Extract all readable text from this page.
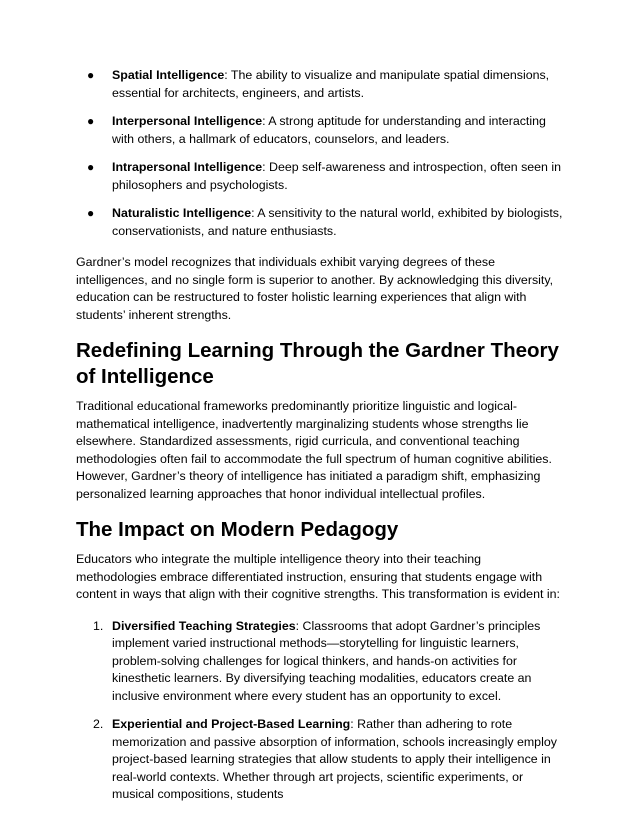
● Spatial Intelligence: The ability to visualize and manipulate spatial dimensions, essential for architects, engineers, and artists.
● Interpersonal Intelligence: A strong aptitude for understanding and interacting with others, a hallmark of educators, counselors, and leaders.
● Intrapersonal Intelligence: Deep self-awareness and introspection, often seen in philosophers and psychologists.
● Naturalistic Intelligence: A sensitivity to the natural world, exhibited by biologists, conservationists, and nature enthusiasts.

Gardner’s model recognizes that individuals exhibit varying degrees of these intelligences, and no single form is superior to another. By acknowledging this diversity, education can be restructured to foster holistic learning experiences that align with students’ inherent strengths.

Redefining Learning Through the Gardner Theory of Intelligence

Traditional educational frameworks predominantly prioritize linguistic and logical-mathematical intelligence, inadvertently marginalizing students whose strengths lie elsewhere. Standardized assessments, rigid curricula, and conventional teaching methodologies often fail to accommodate the full spectrum of human cognitive abilities. However, Gardner’s theory of intelligence has initiated a paradigm shift, emphasizing personalized learning approaches that honor individual intellectual profiles.

The Impact on Modern Pedagogy

Educators who integrate the multiple intelligence theory into their teaching methodologies embrace differentiated instruction, ensuring that students engage with content in ways that align with their cognitive strengths. This transformation is evident in:

1. Diversified Teaching Strategies: Classrooms that adopt Gardner’s principles implement varied instructional methods—storytelling for linguistic learners, problem-solving challenges for logical thinkers, and hands-on activities for kinesthetic learners. By diversifying teaching modalities, educators create an inclusive environment where every student has an opportunity to excel.
2. Experiential and Project-Based Learning: Rather than adhering to rote memorization and passive absorption of information, schools increasingly employ project-based learning strategies that allow students to apply their intelligence in real-world contexts. Whether through art projects, scientific experiments, or musical compositions, students
